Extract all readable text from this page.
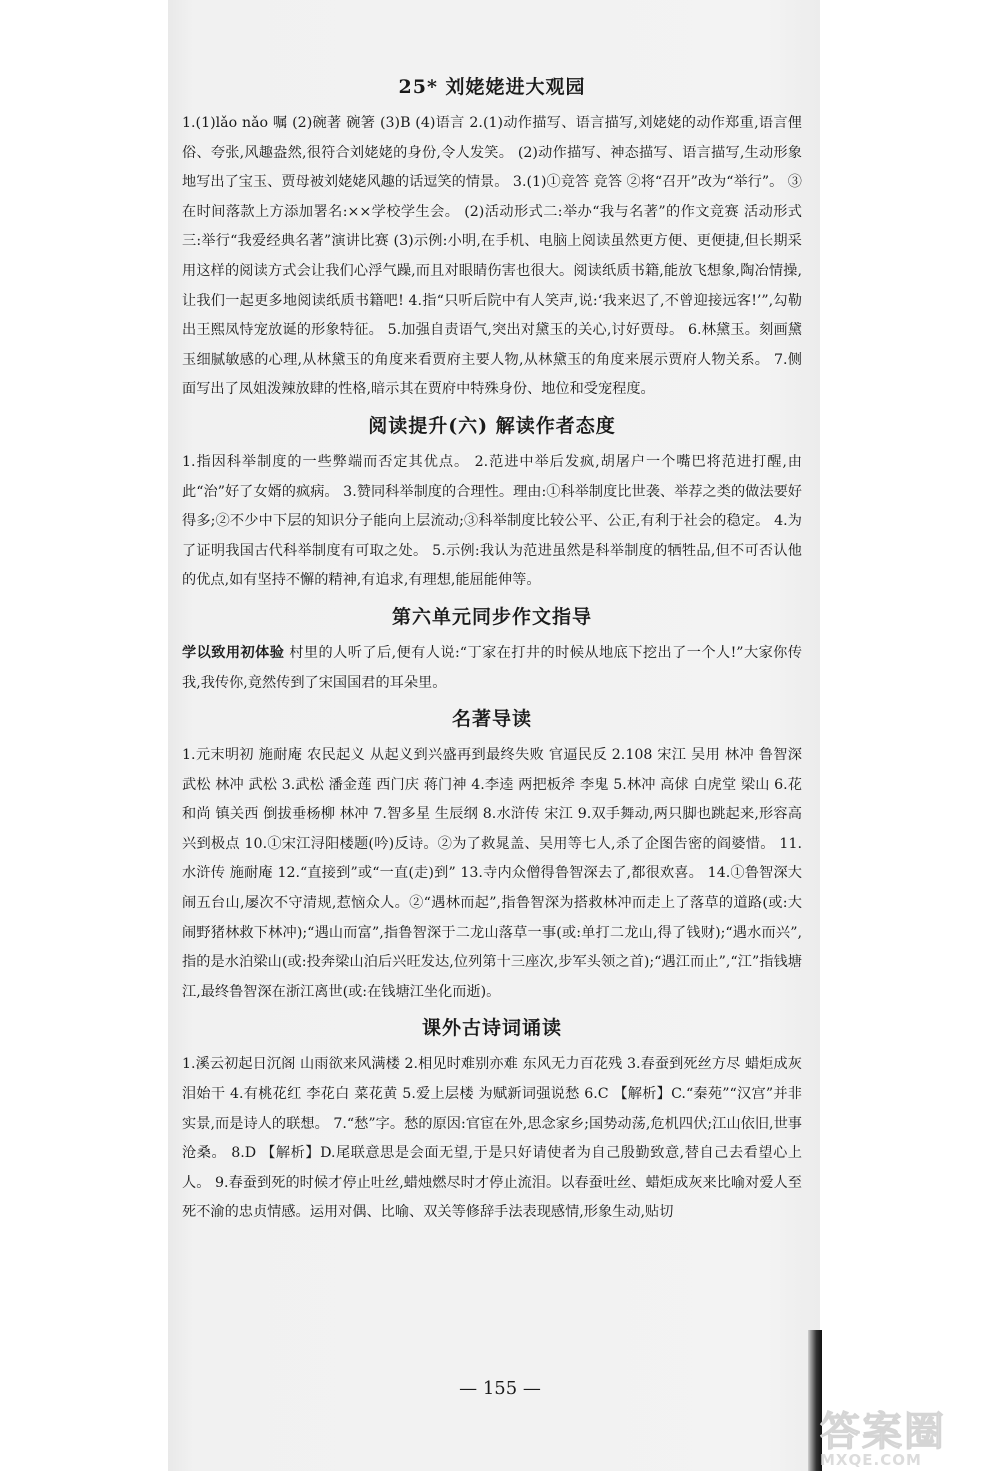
25* 刘姥姥进大观园

1.(1)lǎo nǎo 嘱 (2)碗著 碗箸 (3)B (4)语言 2.(1)动作描写、语言描写,刘姥姥的动作郑重,语言俚俗、夸张,风趣盎然,很符合刘姥姥的身份,令人发笑。 (2)动作描写、神态描写、语言描写,生动形象地写出了宝玉、贾母被刘姥姥风趣的话逗笑的情景。 3.(1)①竞答 竞答 ②将“召开”改为“举行”。 ③在时间落款上方添加署名:××学校学生会。 (2)活动形式二:举办“我与名著”的作文竞赛 活动形式三:举行“我爱经典名著”演讲比赛 (3)示例:小明,在手机、电脑上阅读虽然更方便、更便捷,但长期采用这样的阅读方式会让我们心浮气躁,而且对眼睛伤害也很大。阅读纸质书籍,能放飞想象,陶冶情操,让我们一起更多地阅读纸质书籍吧! 4.指“只听后院中有人笑声,说:‘我来迟了,不曾迎接远客!’”,勾勒出王熙凤恃宠放诞的形象特征。 5.加强自责语气,突出对黛玉的关心,讨好贾母。 6.林黛玉。刻画黛玉细腻敏感的心理,从林黛玉的角度来看贾府主要人物,从林黛玉的角度来展示贾府人物关系。 7.侧面写出了凤姐泼辣放肆的性格,暗示其在贾府中特殊身份、地位和受宠程度。

阅读提升(六) 解读作者态度

1.指因科举制度的一些弊端而否定其优点。 2.范进中举后发疯,胡屠户一个嘴巴将范进打醒,由此“治”好了女婿的疯病。 3.赞同科举制度的合理性。理由:①科举制度比世袭、举荐之类的做法要好得多;②不少中下层的知识分子能向上层流动;③科举制度比较公平、公正,有利于社会的稳定。 4.为了证明我国古代科举制度有可取之处。 5.示例:我认为范进虽然是科举制度的牺牲品,但不可否认他的优点,如有坚持不懈的精神,有追求,有理想,能屈能伸等。

第六单元同步作文指导

学以致用初体验 村里的人听了后,便有人说:“丁家在打井的时候从地底下挖出了一个人!”大家你传我,我传你,竟然传到了宋国国君的耳朵里。

名著导读

1.元末明初 施耐庵 农民起义 从起义到兴盛再到最终失败 官逼民反 2.108 宋江 吴用 林冲 鲁智深 武松 林冲 武松 3.武松 潘金莲 西门庆 蒋门神 4.李逵 两把板斧 李鬼 5.林冲 高俅 白虎堂 梁山 6.花和尚 镇关西 倒拔垂杨柳 林冲 7.智多星 生辰纲 8.水浒传 宋江 9.双手舞动,两只脚也跳起来,形容高兴到极点 10.①宋江浔阳楼题(吟)反诗。②为了救晁盖、吴用等七人,杀了企图告密的阎婆惜。 11.水浒传 施耐庵 12.“直接到”或“一直(走)到” 13.寺内众僧得鲁智深去了,都很欢喜。 14.①鲁智深大闹五台山,屡次不守清规,惹恼众人。②“遇林而起”,指鲁智深为搭救林冲而走上了落草的道路(或:大闹野猪林救下林冲);“遇山而富”,指鲁智深于二龙山落草一事(或:单打二龙山,得了钱财);“遇水而兴”,指的是水泊梁山(或:投奔梁山泊后兴旺发达,位列第十三座次,步军头领之首);“遇江而止”,“江”指钱塘江,最终鲁智深在浙江离世(或:在钱塘江坐化而逝)。

课外古诗词诵读

1.溪云初起日沉阁 山雨欲来风满楼 2.相见时难别亦难 东风无力百花残 3.春蚕到死丝方尽 蜡炬成灰泪始干 4.有桃花红 李花白 菜花黄 5.爱上层楼 为赋新词强说愁 6.C 【解析】C.“秦苑”“汉宫”并非实景,而是诗人的联想。 7.“愁”字。愁的原因:官宦在外,思念家乡;国势动荡,危机四伏;江山依旧,世事沧桑。 8.D 【解析】D.尾联意思是会面无望,于是只好请使者为自己殷勤致意,替自己去看望心上人。 9.春蚕到死的时候才停止吐丝,蜡烛燃尽时才停止流泪。以春蚕吐丝、蜡炬成灰来比喻对爱人至死不渝的忠贞情感。运用对偶、比喻、双关等修辞手法表现感情,形象生动,贴切

— 155 —
答案圈
MXQE.COM
